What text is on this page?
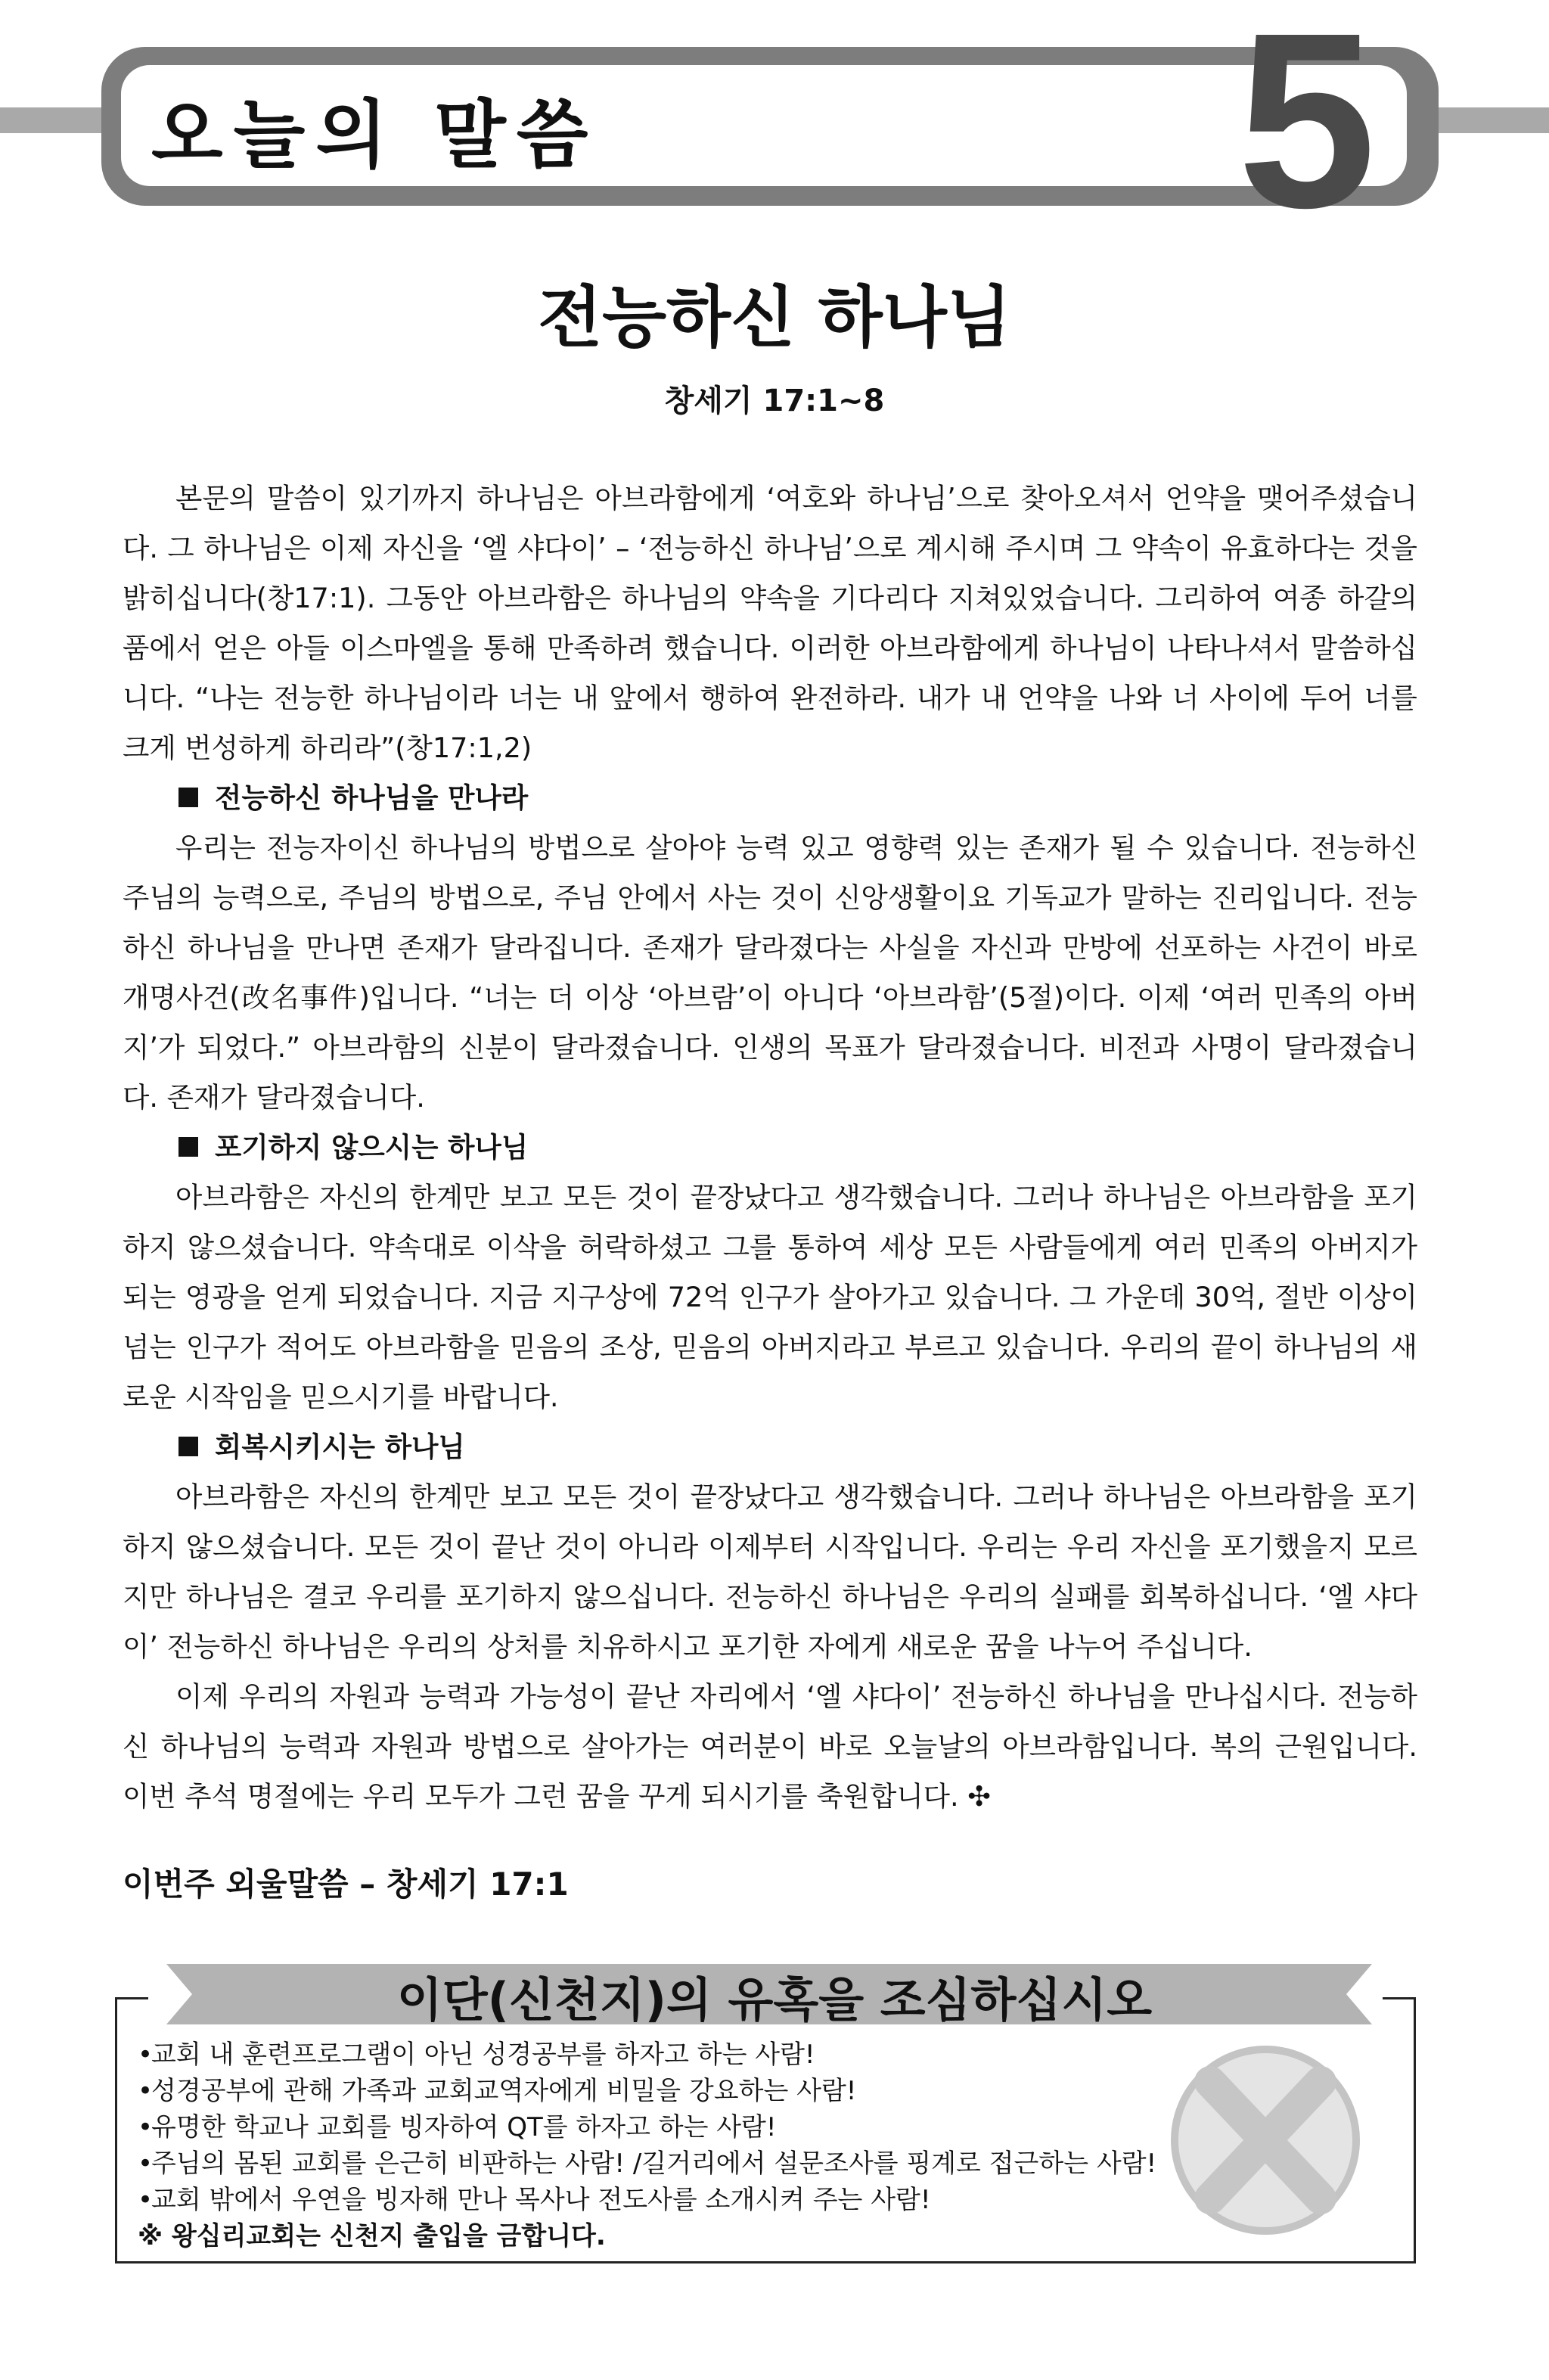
오늘의 말씀	5
전능하신 하나님
창세기 17:1~8

본문의 말씀이 있기까지 하나님은 아브라함에게 ‘여호와 하나님’으로 찾아오셔서 언약을 맺어주셨습니다. 그 하나님은 이제 자신을 ‘엘 샤다이’ – ‘전능하신 하나님’으로 계시해 주시며 그 약속이 유효하다는 것을 밝히십니다(창17:1). 그동안 아브라함은 하나님의 약속을 기다리다 지쳐있었습니다. 그리하여 여종 하갈의 품에서 얻은 아들 이스마엘을 통해 만족하려 했습니다. 이러한 아브라함에게 하나님이 나타나셔서 말씀하십니다. “나는 전능한 하나님이라 너는 내 앞에서 행하여 완전하라. 내가 내 언약을 나와 너 사이에 두어 너를 크게 번성하게 하리라”(창17:1,2)

전능하신 하나님을 만나라

우리는 전능자이신 하나님의 방법으로 살아야 능력 있고 영향력 있는 존재가 될 수 있습니다. 전능하신 주님의 능력으로, 주님의 방법으로, 주님 안에서 사는 것이 신앙생활이요 기독교가 말하는 진리입니다. 전능하신 하나님을 만나면 존재가 달라집니다. 존재가 달라졌다는 사실을 자신과 만방에 선포하는 사건이 바로 개명사건(改名事件)입니다. “너는 더 이상 ‘아브람’이 아니다 ‘아브라함’(5절)이다. 이제 ‘여러 민족의 아버지’가 되었다.” 아브라함의 신분이 달라졌습니다. 인생의 목표가 달라졌습니다. 비전과 사명이 달라졌습니다. 존재가 달라졌습니다.

포기하지 않으시는 하나님

아브라함은 자신의 한계만 보고 모든 것이 끝장났다고 생각했습니다. 그러나 하나님은 아브라함을 포기하지 않으셨습니다. 약속대로 이삭을 허락하셨고 그를 통하여 세상 모든 사람들에게 여러 민족의 아버지가 되는 영광을 얻게 되었습니다. 지금 지구상에 72억 인구가 살아가고 있습니다. 그 가운데 30억, 절반 이상이 넘는 인구가 적어도 아브라함을 믿음의 조상, 믿음의 아버지라고 부르고 있습니다. 우리의 끝이 하나님의 새로운 시작임을 믿으시기를 바랍니다.

회복시키시는 하나님

아브라함은 자신의 한계만 보고 모든 것이 끝장났다고 생각했습니다. 그러나 하나님은 아브라함을 포기하지 않으셨습니다. 모든 것이 끝난 것이 아니라 이제부터 시작입니다. 우리는 우리 자신을 포기했을지 모르지만 하나님은 결코 우리를 포기하지 않으십니다. 전능하신 하나님은 우리의 실패를 회복하십니다. ‘엘 샤다이’ 전능하신 하나님은 우리의 상처를 치유하시고 포기한 자에게 새로운 꿈을 나누어 주십니다.

이제 우리의 자원과 능력과 가능성이 끝난 자리에서 ‘엘 샤다이’ 전능하신 하나님을 만나십시다. 전능하신 하나님의 능력과 자원과 방법으로 살아가는 여러분이 바로 오늘날의 아브라함입니다. 복의 근원입니다. 이번 추석 명절에는 우리 모두가 그런 꿈을 꾸게 되시기를 축원합니다. ✣

이번주 외울말씀 – 창세기 17:1
이단(신천지)의 유혹을 조심하십시오

•교회 내 훈련프로그램이 아닌 성경공부를 하자고 하는 사람!

•성경공부에 관해 가족과 교회교역자에게 비밀을 강요하는 사람!

•유명한 학교나 교회를 빙자하여 QT를 하자고 하는 사람!

•주님의 몸된 교회를 은근히 비판하는 사람! /길거리에서 설문조사를 핑계로 접근하는 사람!

•교회 밖에서 우연을 빙자해 만나 목사나 전도사를 소개시켜 주는 사람!

※ 왕십리교회는 신천지 출입을 금합니다.
